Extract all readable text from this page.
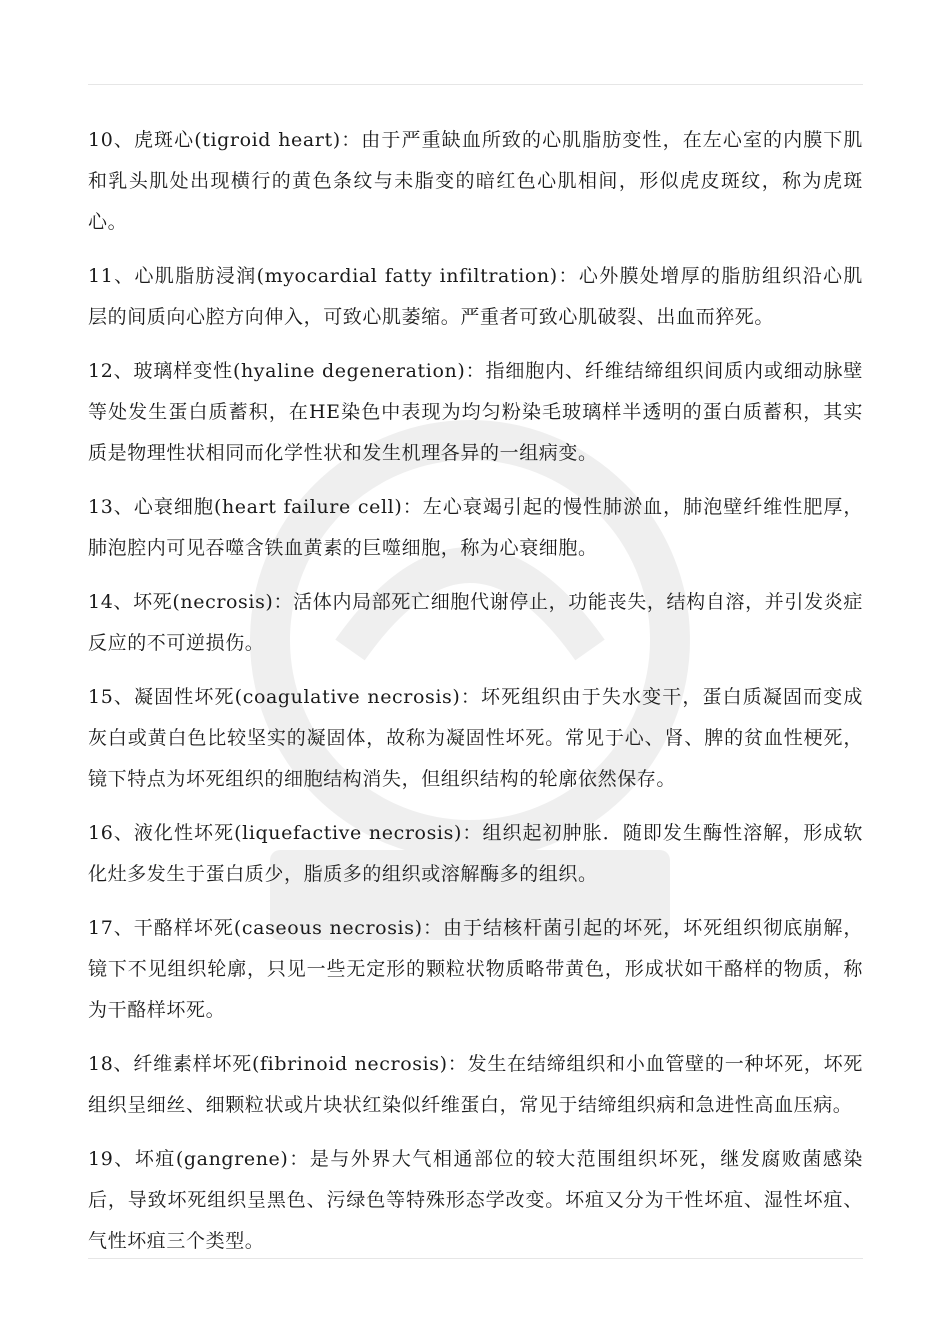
10、虎斑心(tigroid heart)：由于严重缺血所致的心肌脂肪变性，在左心室的内膜下肌和乳头肌处出现横行的黄色条纹与未脂变的暗红色心肌相间，形似虎皮斑纹，称为虎斑心。

11、心肌脂肪浸润(myocardial fatty infiltration)：心外膜处增厚的脂肪组织沿心肌层的间质向心腔方向伸入，可致心肌萎缩。严重者可致心肌破裂、出血而猝死。

12、玻璃样变性(hyaline degeneration)：指细胞内、纤维结缔组织间质内或细动脉壁等处发生蛋白质蓄积，在HE染色中表现为均匀粉染毛玻璃样半透明的蛋白质蓄积，其实质是物理性状相同而化学性状和发生机理各异的一组病变。

13、心衰细胞(heart failure cell)：左心衰竭引起的慢性肺淤血，肺泡壁纤维性肥厚，肺泡腔内可见吞噬含铁血黄素的巨噬细胞，称为心衰细胞。

14、坏死(necrosis)：活体内局部死亡细胞代谢停止，功能丧失，结构自溶，并引发炎症反应的不可逆损伤。

15、凝固性坏死(coagulative necrosis)：坏死组织由于失水变干，蛋白质凝固而变成灰白或黄白色比较坚实的凝固体，故称为凝固性坏死。常见于心、肾、脾的贫血性梗死，镜下特点为坏死组织的细胞结构消失，但组织结构的轮廓依然保存。

16、液化性坏死(liquefactive necrosis)：组织起初肿胀．随即发生酶性溶解，形成软化灶多发生于蛋白质少，脂质多的组织或溶解酶多的组织。

17、干酪样坏死(caseous necrosis)：由于结核杆菌引起的坏死，坏死组织彻底崩解，镜下不见组织轮廓，只见一些无定形的颗粒状物质略带黄色，形成状如干酪样的物质，称为干酪样坏死。

18、纤维素样坏死(fibrinoid necrosis)：发生在结缔组织和小血管壁的一种坏死，坏死组织呈细丝、细颗粒状或片块状红染似纤维蛋白，常见于结缔组织病和急进性高血压病。

19、坏疽(gangrene)：是与外界大气相通部位的较大范围组织坏死，继发腐败菌感染后，导致坏死组织呈黑色、污绿色等特殊形态学改变。坏疽又分为干性坏疽、湿性坏疽、气性坏疽三个类型。
